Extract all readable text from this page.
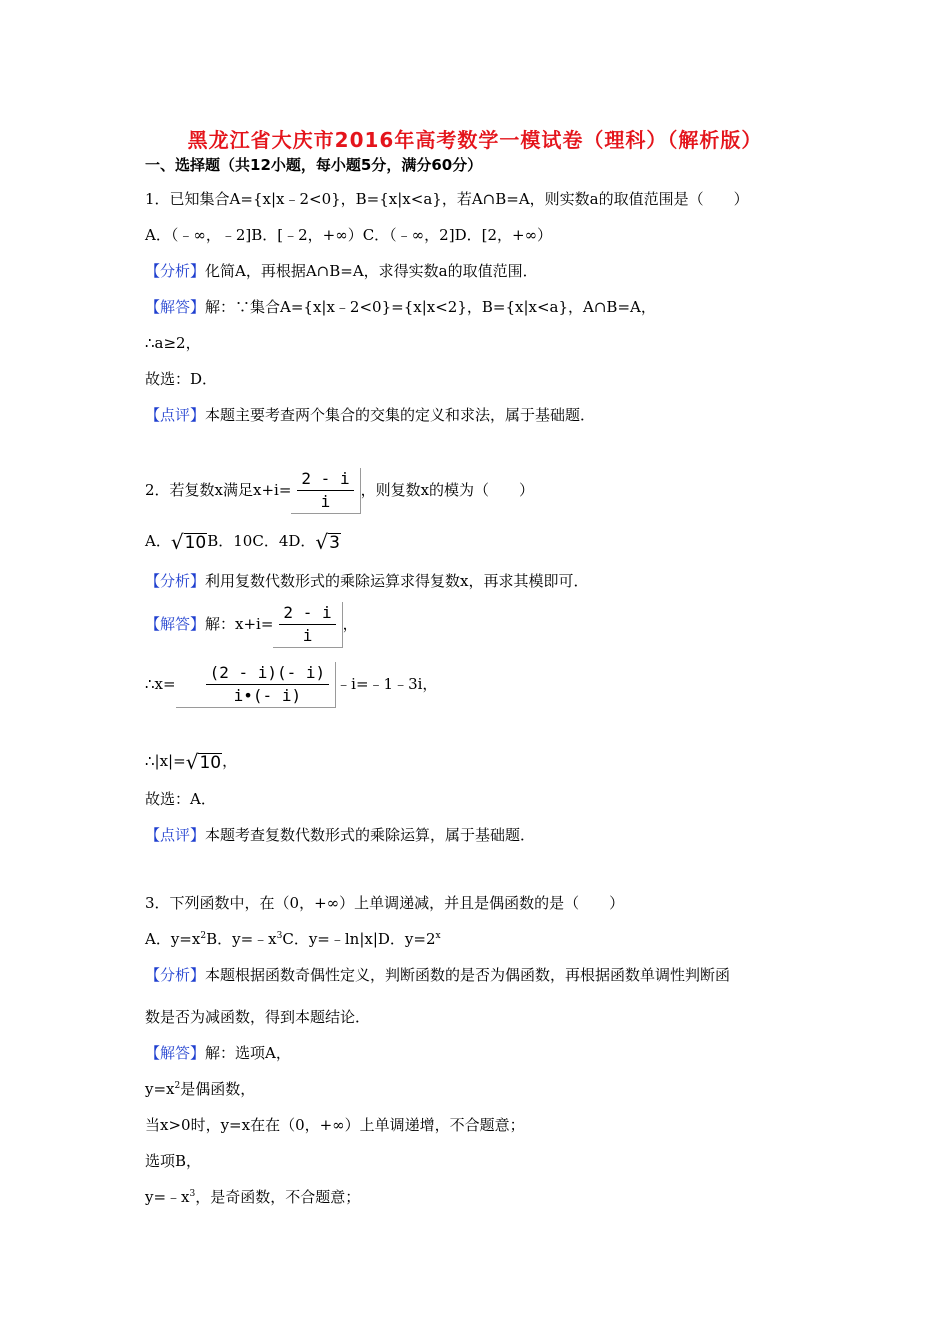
黑龙江省大庆市2016年高考数学一模试卷（理科）（解析版）
一、选择题（共12小题，每小题5分，满分60分）
1．已知集合A={x|x﹣2<0}，B={x|x<a}，若A∩B=A，则实数a的取值范围是（　　）
A．（﹣∞，﹣2]B．[﹣2，+∞）C．（﹣∞，2]D．[2，+∞）
【分析】化简A，再根据A∩B=A，求得实数a的取值范围．
【解答】解：∵集合A={x|x﹣2<0}={x|x<2}，B={x|x<a}，A∩B=A，
∴a≥2，
故选：D．
【点评】本题主要考查两个集合的交集的定义和求法，属于基础题．
2．若复数x满足$x+i= \frac{2 - i}{i}$ ，则复数x的模为（　　）
A． √ 10 B．10C．4D． √ 3
【分析】利用复数代数形式的乘除运算求得复数x，再求其模即可．
【解答】解：$x+i= \frac{2 - i}{i}$ ，
∴x= $\frac{(2 - i)(- i)}{i•(- i)}$ ﹣i=﹣1﹣3i，
∴|x|= √ 10 ，
故选：A．
【点评】本题考查复数代数形式的乘除运算，属于基础题．
3．下列函数中，在（0，+∞）上单调递减，并且是偶函数的是（　　）
A．$y=x^2B$．$y=﹣x^3C$．y=﹣ln|x|D．$y=2^x$
【分析】本题根据函数奇偶性定义，判断函数的是否为偶函数，再根据函数单调性判断函
数是否为减函数，得到本题结论．
【解答】解：选项A，
$y=x^2$是偶函数，
当x>0时，y=x在在（0，+∞）上单调递增，不合题意；
选项B，
$y=﹣x^3$，是奇函数，不合题意；
